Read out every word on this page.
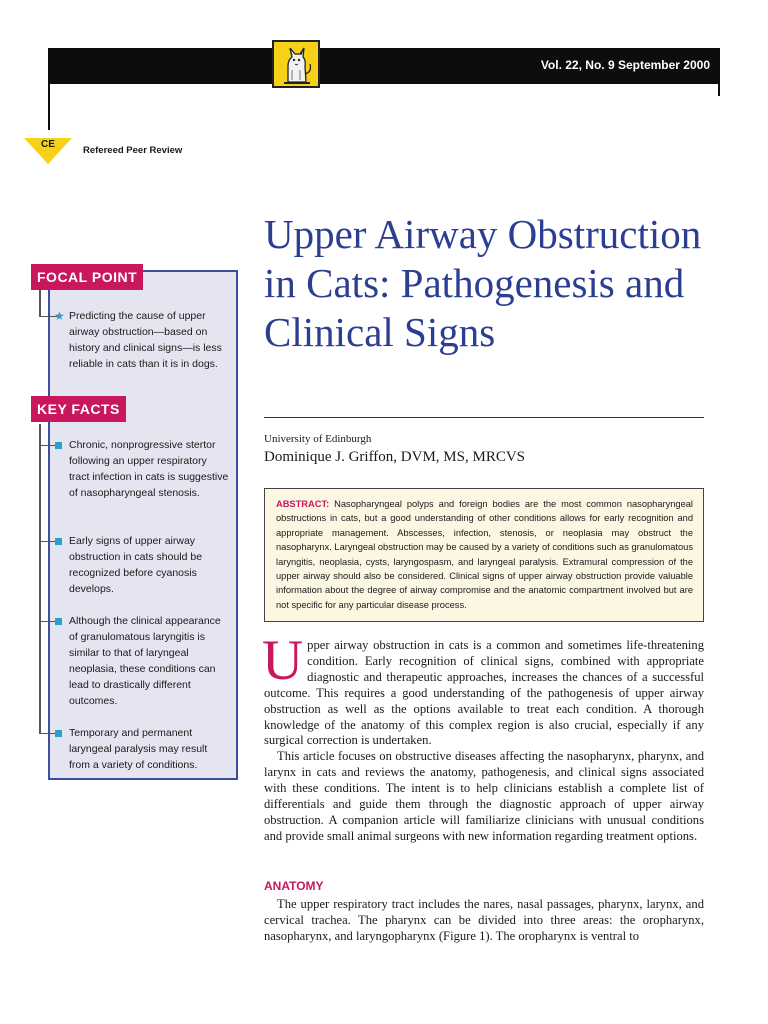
Vol. 22, No. 9 September 2000
CE
Refereed Peer Review
FOCAL POINT
★ Predicting the cause of upper airway obstruction—based on history and clinical signs—is less reliable in cats than it is in dogs.
KEY FACTS
Chronic, nonprogressive stertor following an upper respiratory tract infection in cats is suggestive of nasopharyngeal stenosis.
Early signs of upper airway obstruction in cats should be recognized before cyanosis develops.
Although the clinical appearance of granulomatous laryngitis is similar to that of laryngeal neoplasia, these conditions can lead to drastically different outcomes.
Temporary and permanent laryngeal paralysis may result from a variety of conditions.
Upper Airway Obstruction in Cats: Pathogenesis and Clinical Signs
University of Edinburgh
Dominique J. Griffon, DVM, MS, MRCVS
ABSTRACT: Nasopharyngeal polyps and foreign bodies are the most common nasopharyngeal obstructions in cats, but a good understanding of other conditions allows for early recognition and appropriate management. Abscesses, infection, stenosis, or neoplasia may obstruct the nasopharynx. Laryngeal obstruction may be caused by a variety of conditions such as granulomatous laryngitis, neoplasia, cysts, laryngospasm, and laryngeal paralysis. Extramural compression of the upper airway should also be considered. Clinical signs of upper airway obstruction provide valuable information about the degree of airway compromise and the anatomic compartment involved but are not specific for any particular disease process.

Upper airway obstruction in cats is a common and sometimes life-threatening condition. Early recognition of clinical signs, combined with appropriate diagnostic and therapeutic approaches, increases the chances of a successful outcome. This requires a good understanding of the pathogenesis of upper airway obstruction as well as the options available to treat each condition. A thorough knowledge of the anatomy of this complex region is also crucial, especially if any surgical correction is undertaken.

This article focuses on obstructive diseases affecting the nasopharynx, pharynx, and larynx in cats and reviews the anatomy, pathogenesis, and clinical signs associated with these conditions. The intent is to help clinicians establish a complete list of differentials and guide them through the diagnostic approach of upper airway obstruction. A companion article will familiarize clinicians with unusual conditions and provide small animal surgeons with new information regarding treatment options.

ANATOMY

The upper respiratory tract includes the nares, nasal passages, pharynx, larynx, and cervical trachea. The pharynx can be divided into three areas: the oropharynx, nasopharynx, and laryngopharynx (Figure 1). The oropharynx is ventral to
